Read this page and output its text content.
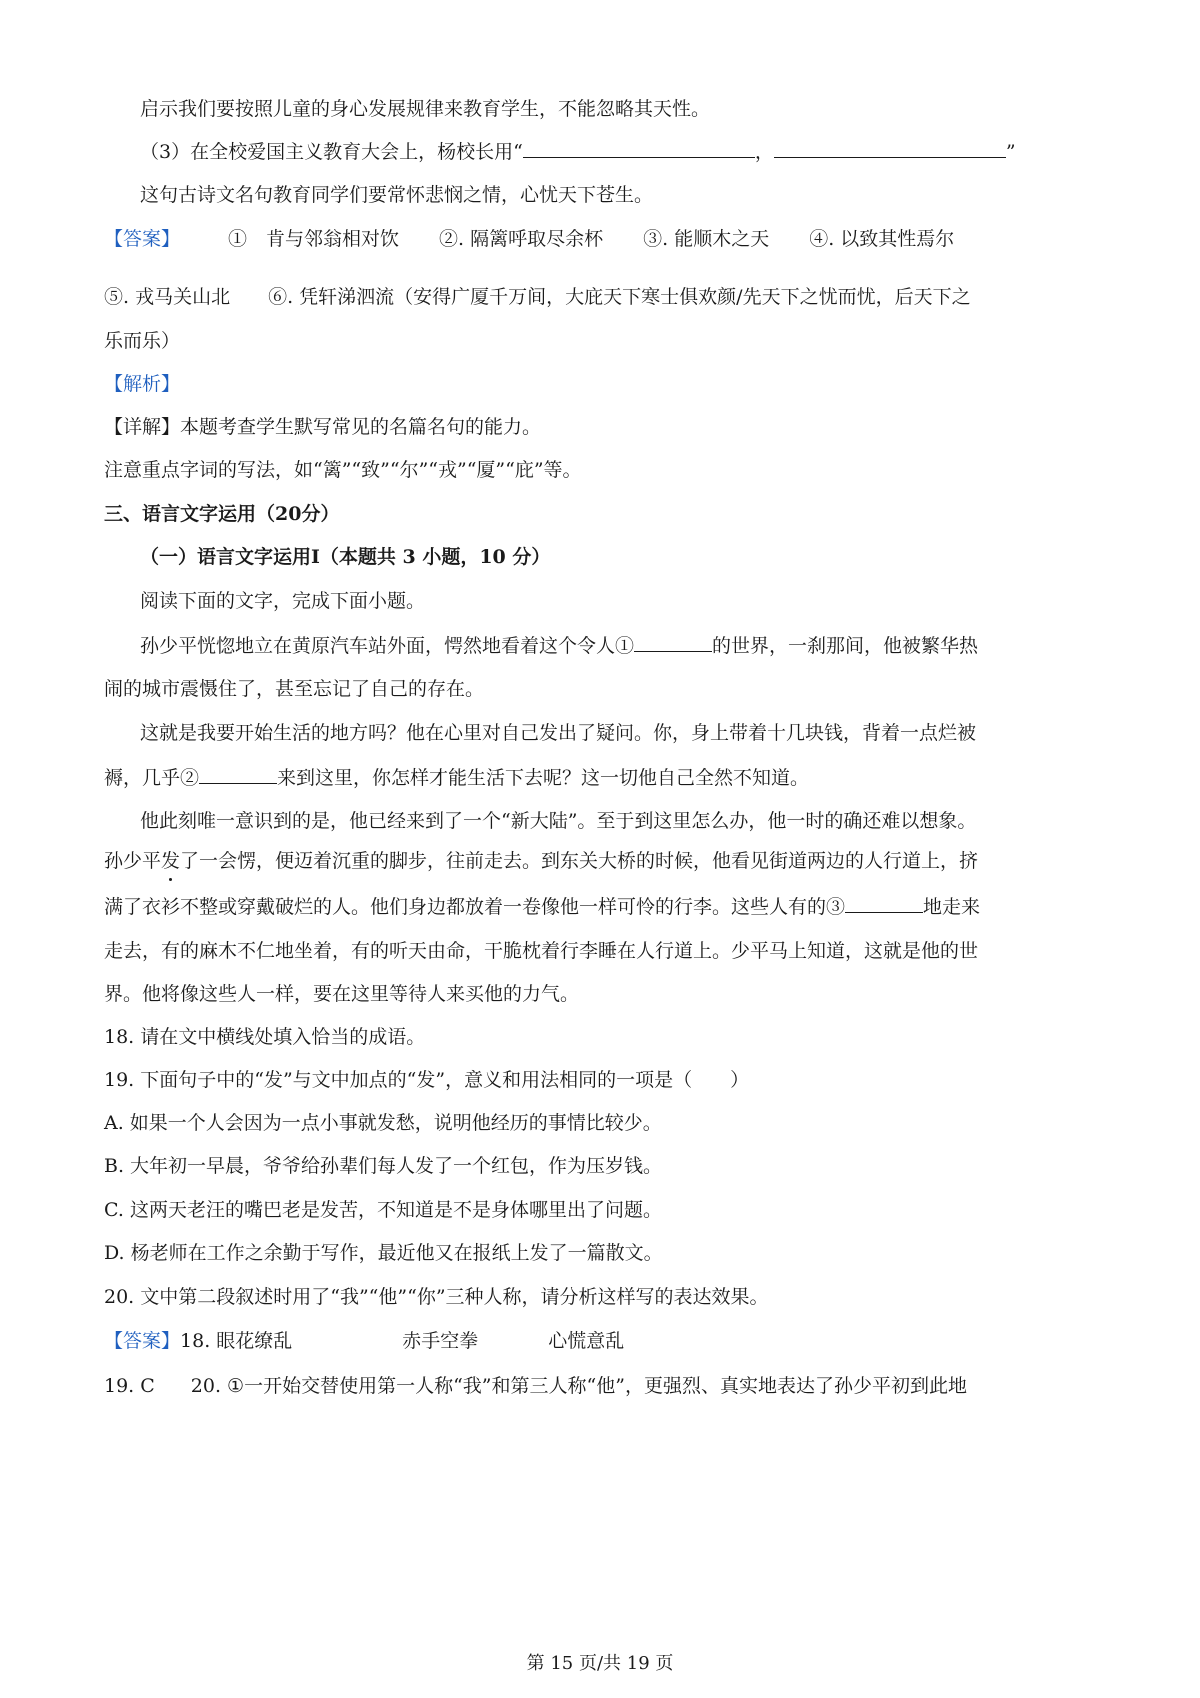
启示我们要按照儿童的身心发展规律来教育学生，不能忽略其天性。
（3）在全校爱国主义教育大会上，杨校长用“	，	”
这句古诗文名句教育同学们要常怀悲悯之情，心忧天下苍生。
【答案】	①　肯与邻翁相对饮 ②. 隔篱呼取尽余杯 ③. 能顺木之天 ④. 以致其性焉尔
⑤. 戎马关山北 ⑥. 凭轩涕泗流（安得广厦千万间，大庇天下寒士俱欢颜/先天下之忧而忧，后天下之
乐而乐）
【解析】
【详解】本题考查学生默写常见的名篇名句的能力。
注意重点字词的写法，如“篱”“致”“尔”“戎”“厦”“庇”等。
三、语言文字运用（20分）
（一）语言文字运用Ⅰ（本题共 3 小题，10 分）
阅读下面的文字，完成下面小题。
孙少平恍惚地立在黄原汽车站外面，愕然地看着这个令人①	的世界，一刹那间，他被繁华热
闹的城市震慑住了，甚至忘记了自己的存在。
这就是我要开始生活的地方吗？他在心里对自己发出了疑问。你，身上带着十几块钱，背着一点烂被
褥，几乎②	来到这里，你怎样才能生活下去呢？这一切他自己全然不知道。
他此刻唯一意识到的是，他已经来到了一个“新大陆”。至于到这里怎么办，他一时的确还难以想象。
孙少平发
了一会愣，便迈着沉重的脚步，往前走去。到东关大桥的时候，他看见街道两边的人行道上，挤
满了衣衫不整或穿戴破烂的人。他们身边都放着一卷像他一样可怜的行李。这些人有的③	地走来
走去，有的麻木不仁地坐着，有的听天由命，干脆枕着行李睡在人行道上。少平马上知道，这就是他的世
界。他将像这些人一样，要在这里等待人来买他的力气。
18. 请在文中横线处填入恰当的成语。
19. 下面句子中的“发”与文中加点的“发”，意义和用法相同的一项是（　　）
A. 如果一个人会因为一点小事就发愁，说明他经历的事情比较少。
B. 大年初一早晨，爷爷给孙辈们每人发了一个红包，作为压岁钱。
C. 这两天老汪的嘴巴老是发苦，不知道是不是身体哪里出了问题。
D. 杨老师在工作之余勤于写作，最近他又在报纸上发了一篇散文。
20. 文中第二段叙述时用了“我”“他”“你”三种人称，请分析这样写的表达效果。
【答案】18. 眼花缭乱	赤手空拳	心慌意乱
19. C 20. ①一开始交替使用第一人称“我”和第三人称“他”，更强烈、真实地表达了孙少平初到此地
第 15 页/共 19 页
